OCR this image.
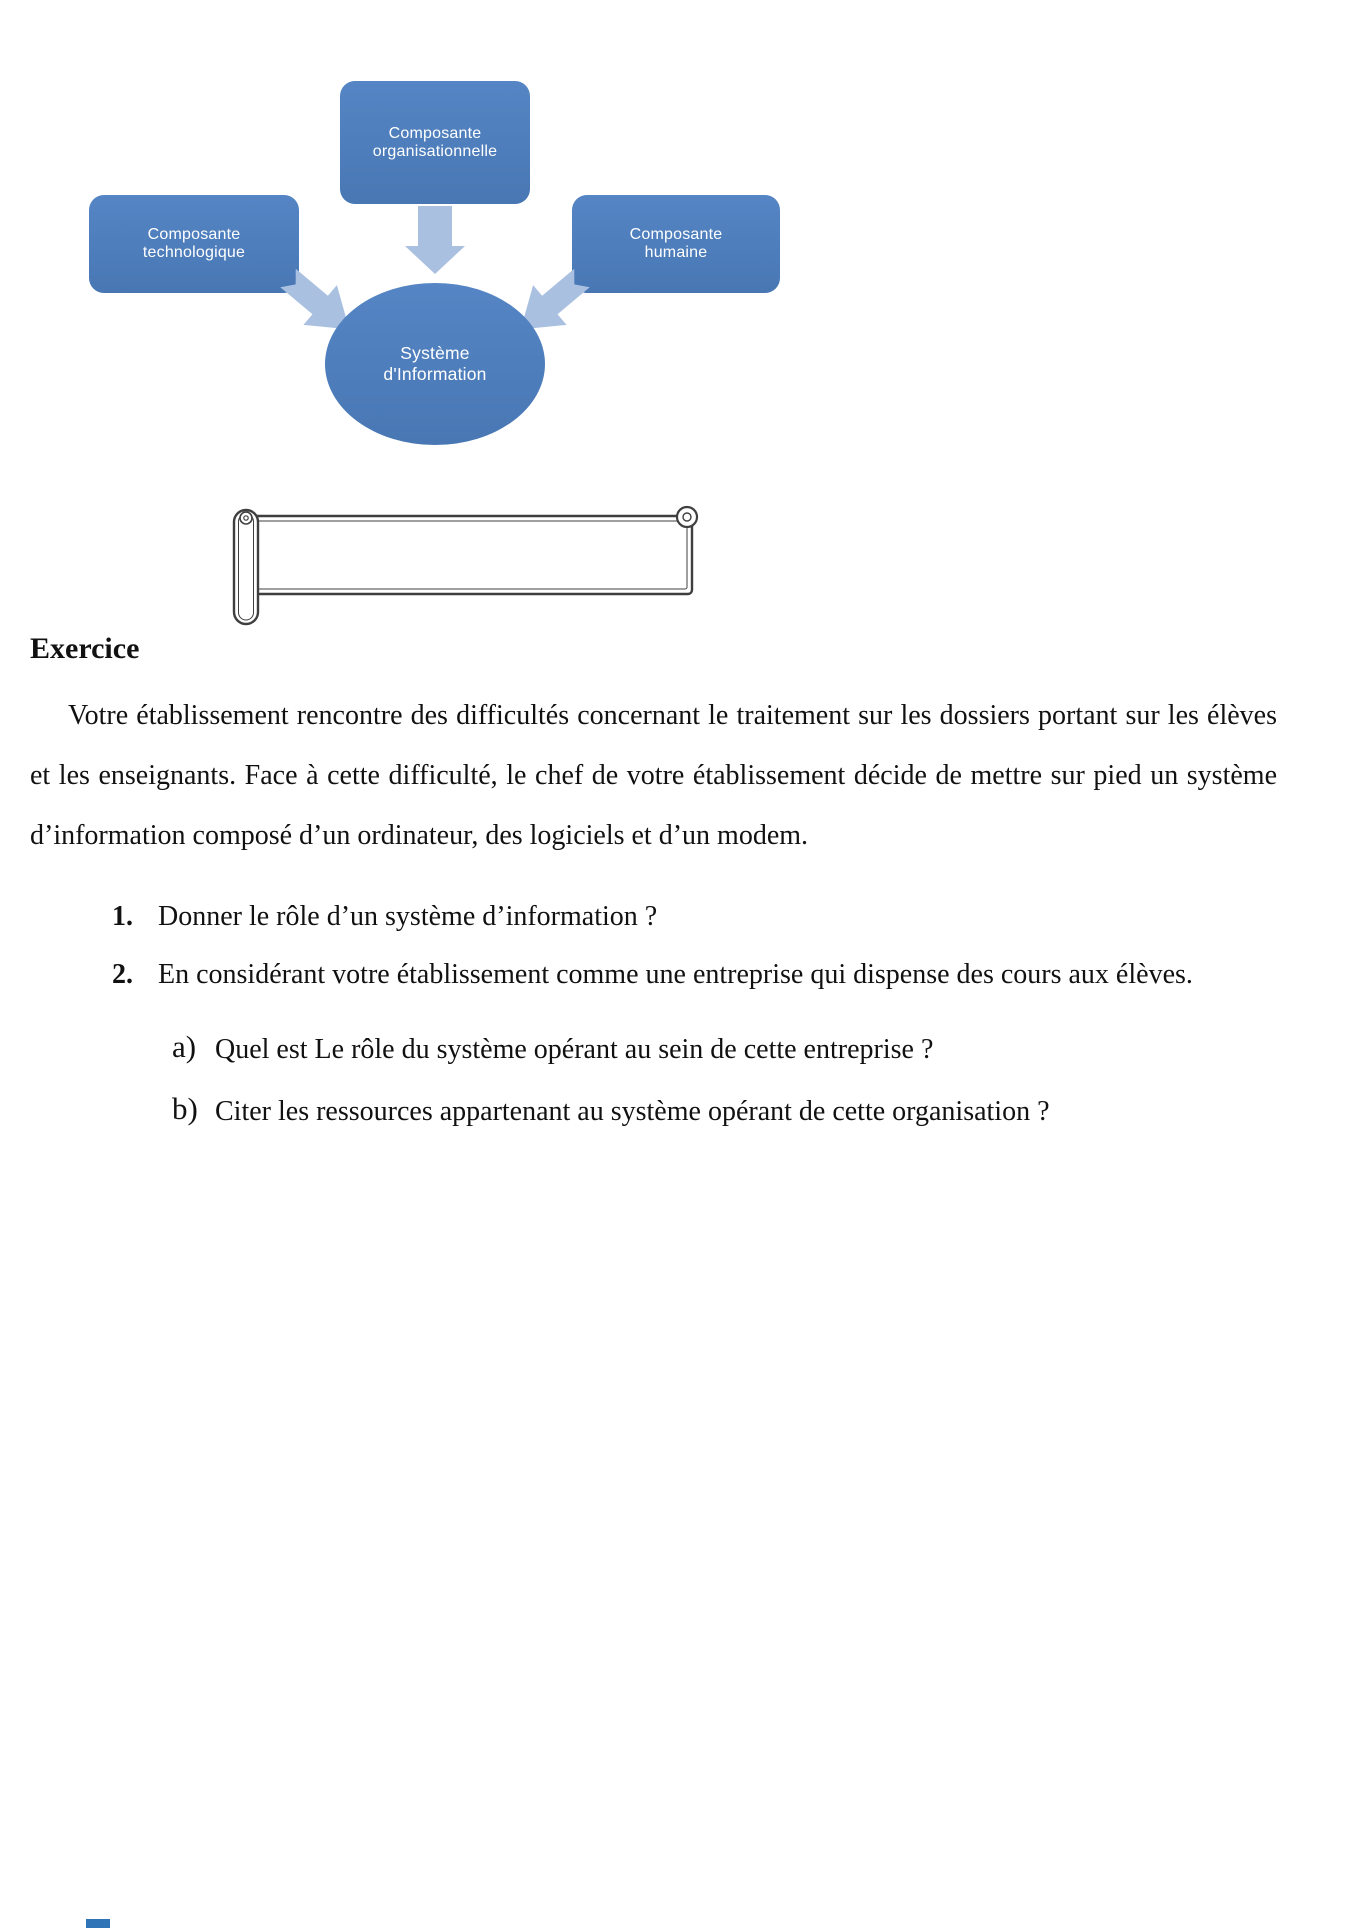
Composante organisationnelle
Composante technologique
Composante humaine
Système d'Information
Exercice

Votre établissement rencontre des difficultés concernant le traitement sur les dossiers portant sur les élèves et les enseignants. Face à cette difficulté, le chef de votre établissement décide de mettre sur pied un système d’information composé d’un ordinateur, des logiciels et d’un modem.

1. Donner le rôle d’un système d’information ?
2. En considérant votre établissement comme une entreprise qui dispense des cours aux élèves.
a) Quel est Le rôle du système opérant au sein de cette entreprise ?
b) Citer les ressources appartenant au système opérant de cette organisation ?
